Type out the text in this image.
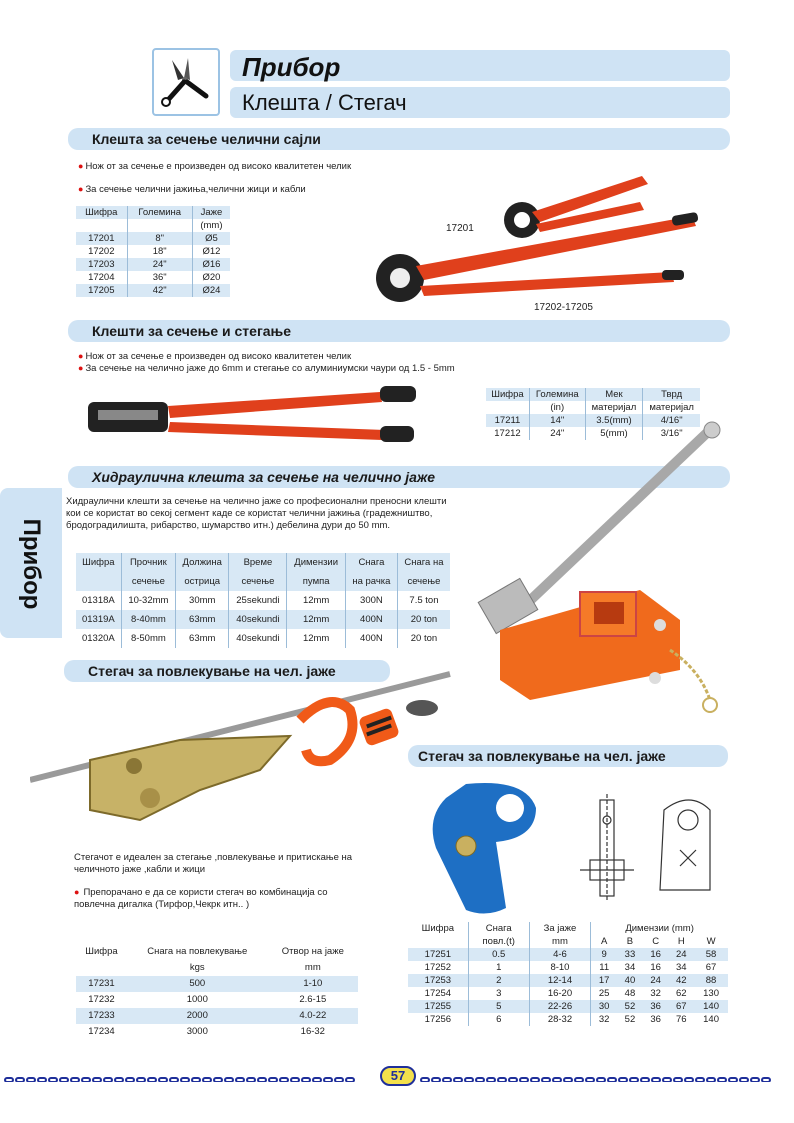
Прибор
Клешта / Стегач
Прибор
Клешта за сечење челични сајли
● Нож от за сечење е произведен од високо квалитетен челик
● За сечење челични јажиња,челични жици и кабли
Шифра	Големина	Јаже
		(mm)
17201	8"	Ø5
17202	18"	Ø12
17203	24"	Ø16
17204	36"	Ø20
17205	42"	Ø24
17201
17202-17205
Клешти за сечење и стегање
● Нож от за сечење е произведен од високо квалитетен челик
● За сечење на челично јаже до 6mm и стегање со алуминиумски чаури од 1.5 - 5mm
Шифра	Големина	Мек	Тврд
	(in)	материјал	материјал
17211	14"	3.5(mm)	4/16"
17212	24"	5(mm)	3/16"
Хидраулична клешта за сечење на челично јаже
Хидраулични клешти за сечење на челично јаже со професионални преносни клешти
кои се користат во секој сегмент каде се користат челични јажиња (градежништво,
бродоградилишта, рибарство, шумарство итн.) дебелина дури до 50 mm.
Шифра	Прочник	Должина	Време	Димензии	Снага	Снага на
	сечење	острица	сечење	пумпа	на рачка	сечење
01318A	10-32mm	30mm	25sekundi	12mm	300N	7.5 ton
01319A	8-40mm	63mm	40sekundi	12mm	400N	20 ton
01320A	8-50mm	63mm	40sekundi	12mm	400N	20 ton
Стегач за повлекување на чел. јаже
Стегачот е идеален за стегање ,повлекување и притискање на
челичното јаже ,кабли и жици
● Препорачано е да се користи стегач во комбинација со
повлечна дигалка (Тирфор,Чекрк итн.. )
Шифра	Снага на повлекување	Отвор на јаже
	kgs	mm
17231	500	1-10
17232	1000	2.6-15
17233	2000	4.0-22
17234	3000	16-32
Стегач за повлекување на чел. јаже
Шифра	Снага	За јаже	Димензии (mm)				
	повл.(t)	mm	A	B	C	H	W
17251	0.5	4-6	9	33	16	24	58
17252	1	8-10	11	34	16	34	67
17253	2	12-14	17	40	24	42	88
17254	3	16-20	25	48	32	62	130
17255	5	22-26	30	52	36	67	140
17256	6	28-32	32	52	36	76	140
57
